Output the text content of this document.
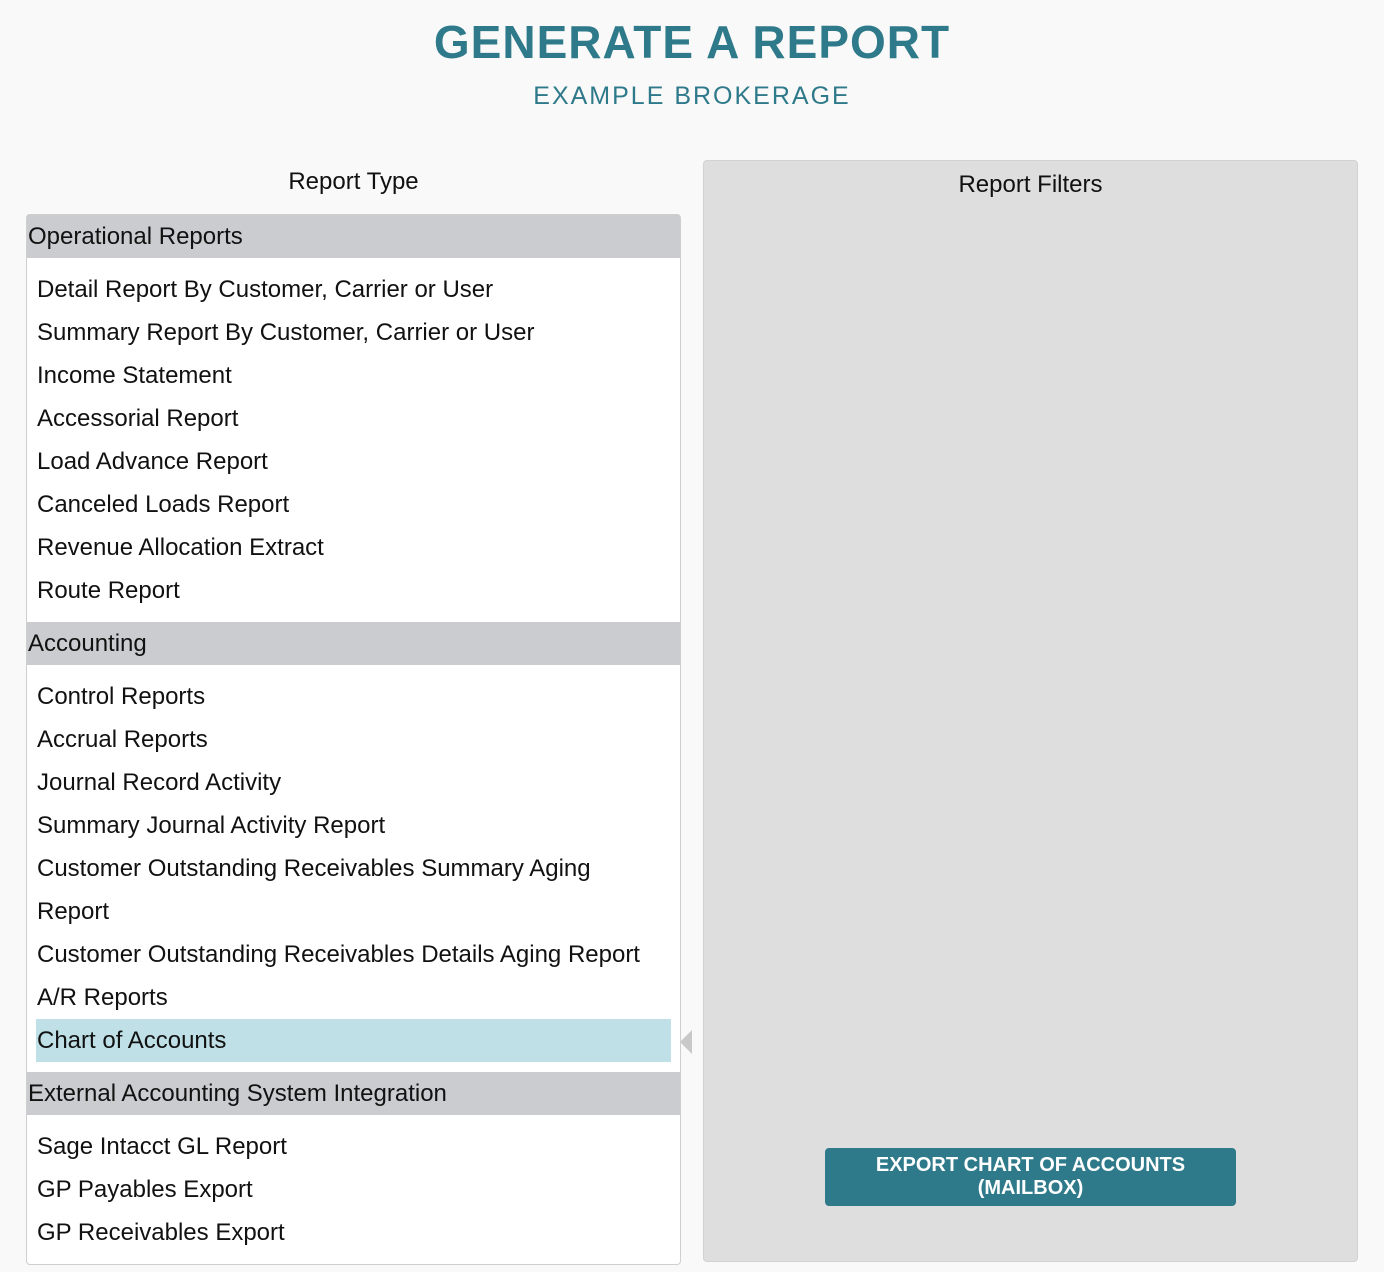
GENERATE A REPORT
EXAMPLE BROKERAGE
Report Type
Operational Reports
Detail Report By Customer, Carrier or User
Summary Report By Customer, Carrier or User
Income Statement
Accessorial Report
Load Advance Report
Canceled Loads Report
Revenue Allocation Extract
Route Report
Accounting
Control Reports
Accrual Reports
Journal Record Activity
Summary Journal Activity Report
Customer Outstanding Receivables Summary Aging Report
Customer Outstanding Receivables Details Aging Report
A/R Reports
Chart of Accounts
External Accounting System Integration
Sage Intacct GL Report
GP Payables Export
GP Receivables Export
Report Filters
EXPORT CHART OF ACCOUNTS (MAILBOX)
